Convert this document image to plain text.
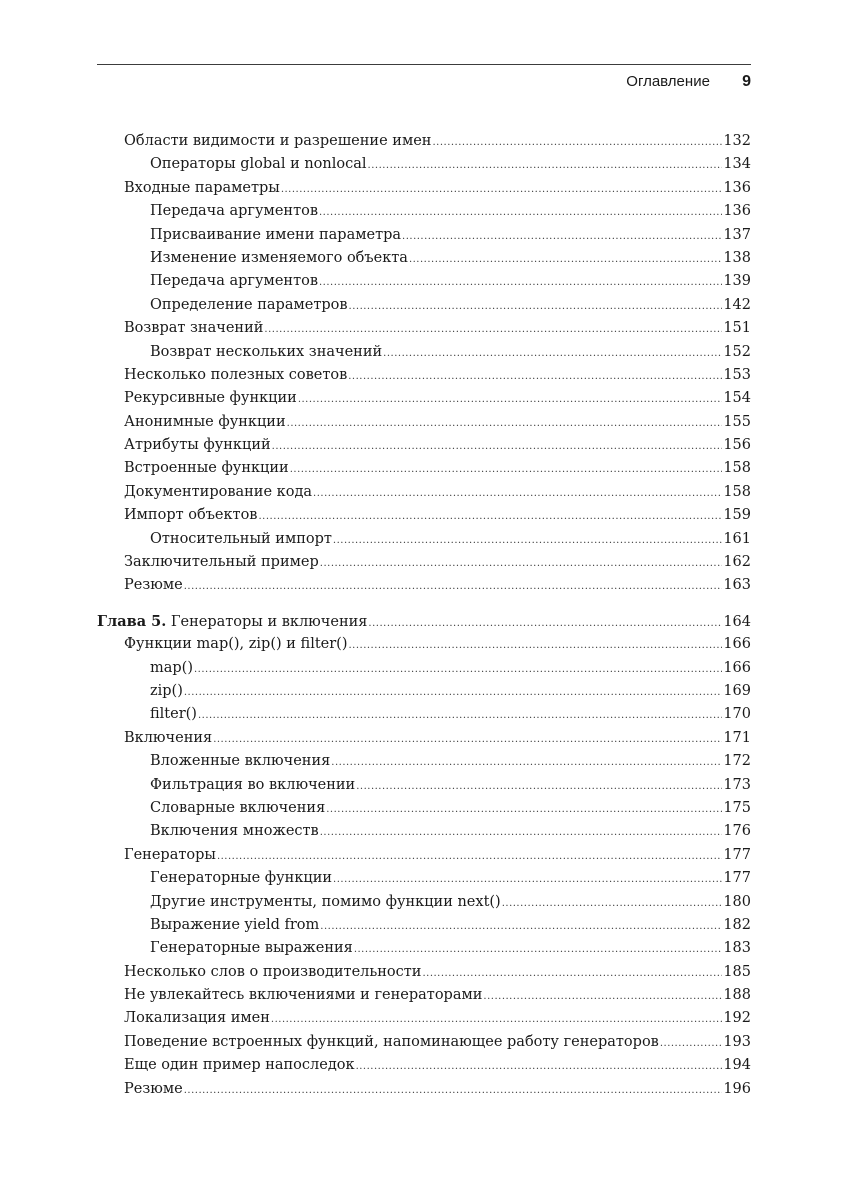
Оглавление 9
Области видимости и разрешение имен .....	132
Операторы global и nonlocal .....	134
Входные параметры .....	136
Передача аргументов .....	136
Присваивание имени параметра .....	137
Изменение изменяемого объекта .....	138
Передача аргументов .....	139
Определение параметров .....	142
Возврат значений .....	151
Возврат нескольких значений .....	152
Несколько полезных советов .....	153
Рекурсивные функции .....	154
Анонимные функции .....	155
Атрибуты функций .....	156
Встроенные функции .....	158
Документирование кода .....	158
Импорт объектов .....	159
Относительный импорт .....	161
Заключительный пример .....	162
Резюме .....	163
Глава 5. Генераторы и включения .....	164
Функции map(), zip() и filter() .....	166
map() .....	166
zip() .....	169
filter() .....	170
Включения .....	171
Вложенные включения .....	172
Фильтрация во включении .....	173
Словарные включения .....	175
Включения множеств .....	176
Генераторы .....	177
Генераторные функции .....	177
Другие инструменты, помимо функции next() .....	180
Выражение yield from .....	182
Генераторные выражения .....	183
Несколько слов о производительности .....	185
Не увлекайтесь включениями и генераторами .....	188
Локализация имен .....	192
Поведение встроенных функций, напоминающее работу генераторов .....	193
Еще один пример напоследок .....	194
Резюме .....	196
